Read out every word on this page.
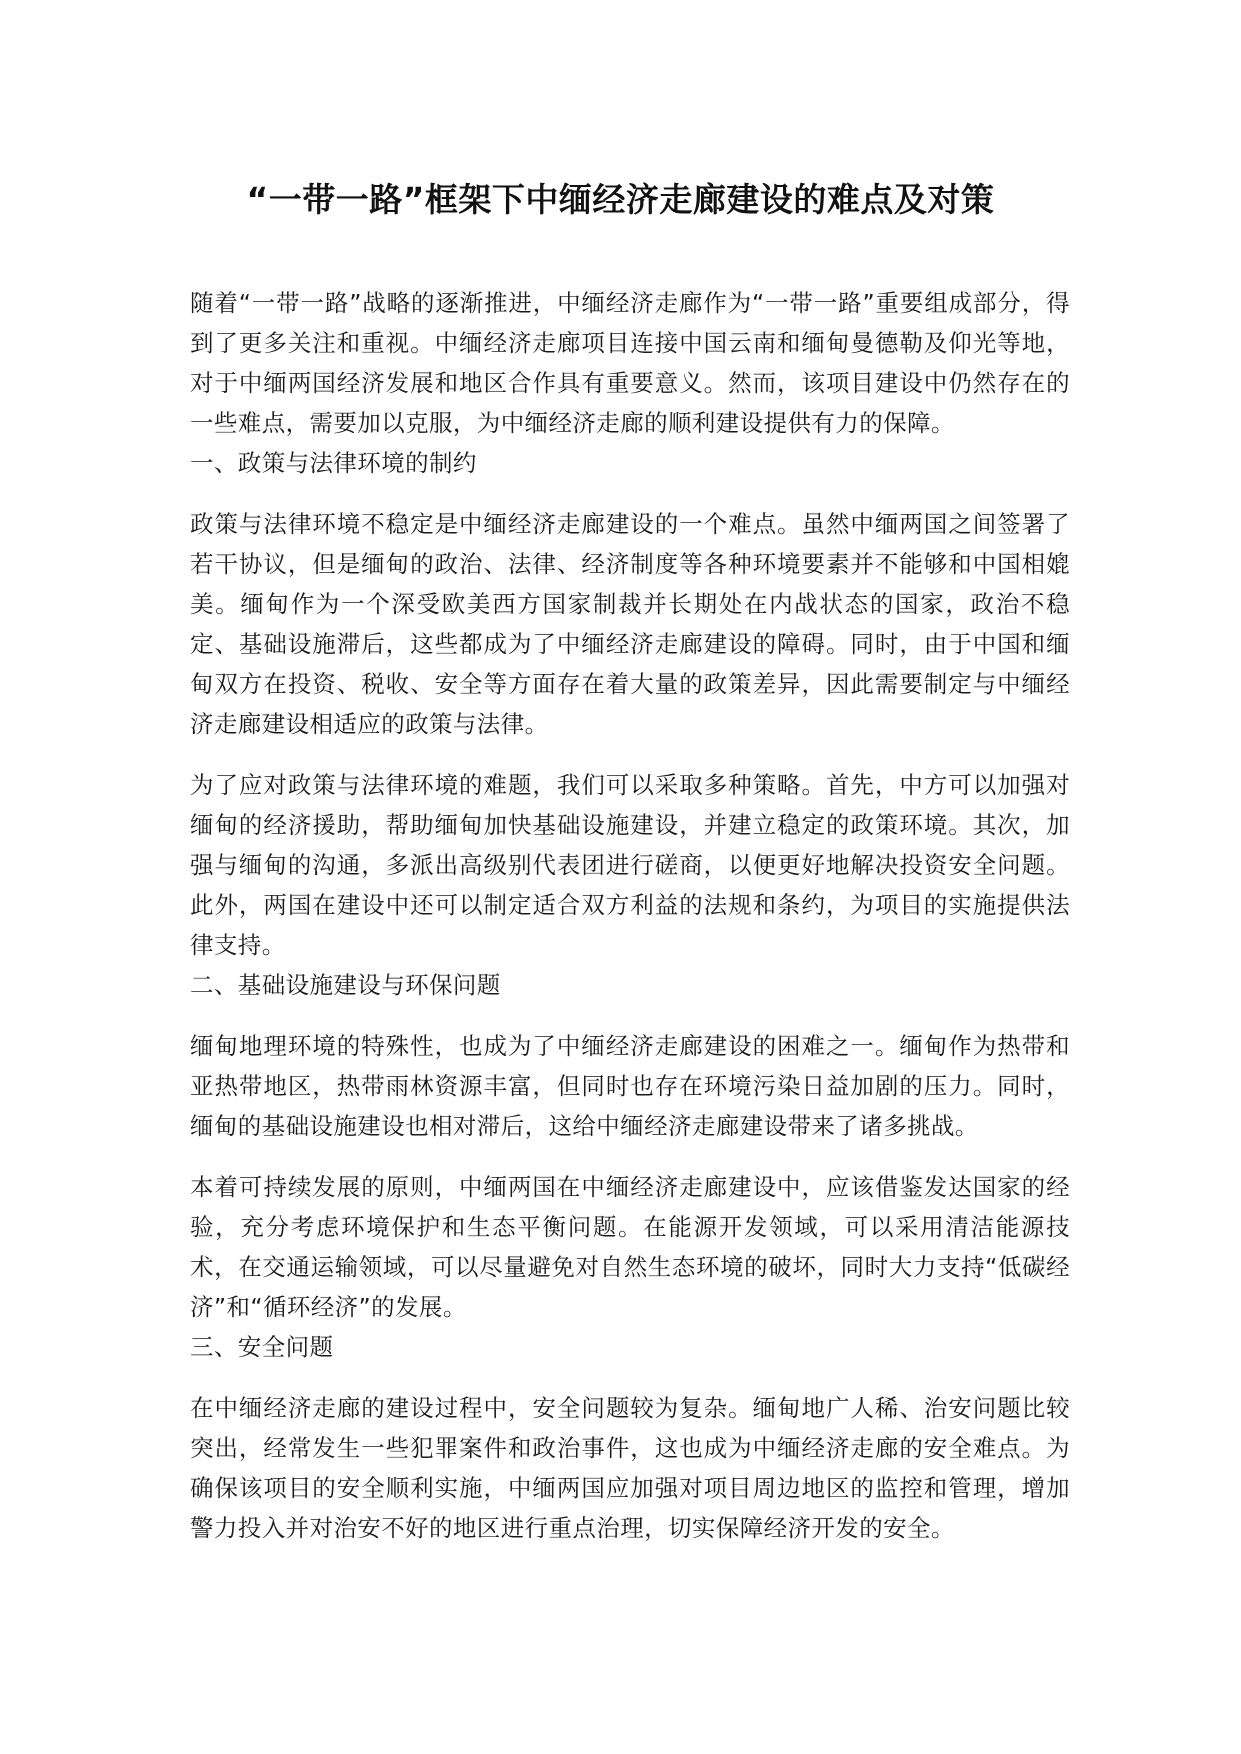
“一带一路”框架下中缅经济走廊建设的难点及对策

随着“一带一路”战略的逐渐推进，中缅经济走廊作为“一带一路”重要组成部分，得到了更多关注和重视。中缅经济走廊项目连接中国云南和缅甸曼德勒及仰光等地，对于中缅两国经济发展和地区合作具有重要意义。然而，该项目建设中仍然存在的一些难点，需要加以克服，为中缅经济走廊的顺利建设提供有力的保障。

一、政策与法律环境的制约

政策与法律环境不稳定是中缅经济走廊建设的一个难点。虽然中缅两国之间签署了若干协议，但是缅甸的政治、法律、经济制度等各种环境要素并不能够和中国相媲美。缅甸作为一个深受欧美西方国家制裁并长期处在内战状态的国家，政治不稳定、基础设施滞后，这些都成为了中缅经济走廊建设的障碍。同时，由于中国和缅甸双方在投资、税收、安全等方面存在着大量的政策差异，因此需要制定与中缅经济走廊建设相适应的政策与法律。

为了应对政策与法律环境的难题，我们可以采取多种策略。首先，中方可以加强对缅甸的经济援助，帮助缅甸加快基础设施建设，并建立稳定的政策环境。其次，加强与缅甸的沟通，多派出高级别代表团进行磋商，以便更好地解决投资安全问题。此外，两国在建设中还可以制定适合双方利益的法规和条约，为项目的实施提供法律支持。

二、基础设施建设与环保问题

缅甸地理环境的特殊性，也成为了中缅经济走廊建设的困难之一。缅甸作为热带和亚热带地区，热带雨林资源丰富，但同时也存在环境污染日益加剧的压力。同时，缅甸的基础设施建设也相对滞后，这给中缅经济走廊建设带来了诸多挑战。

本着可持续发展的原则，中缅两国在中缅经济走廊建设中，应该借鉴发达国家的经验，充分考虑环境保护和生态平衡问题。在能源开发领域，可以采用清洁能源技术，在交通运输领域，可以尽量避免对自然生态环境的破坏，同时大力支持“低碳经济”和“循环经济”的发展。

三、安全问题

在中缅经济走廊的建设过程中，安全问题较为复杂。缅甸地广人稀、治安问题比较突出，经常发生一些犯罪案件和政治事件，这也成为中缅经济走廊的安全难点。为确保该项目的安全顺利实施，中缅两国应加强对项目周边地区的监控和管理，增加警力投入并对治安不好的地区进行重点治理，切实保障经济开发的安全。
